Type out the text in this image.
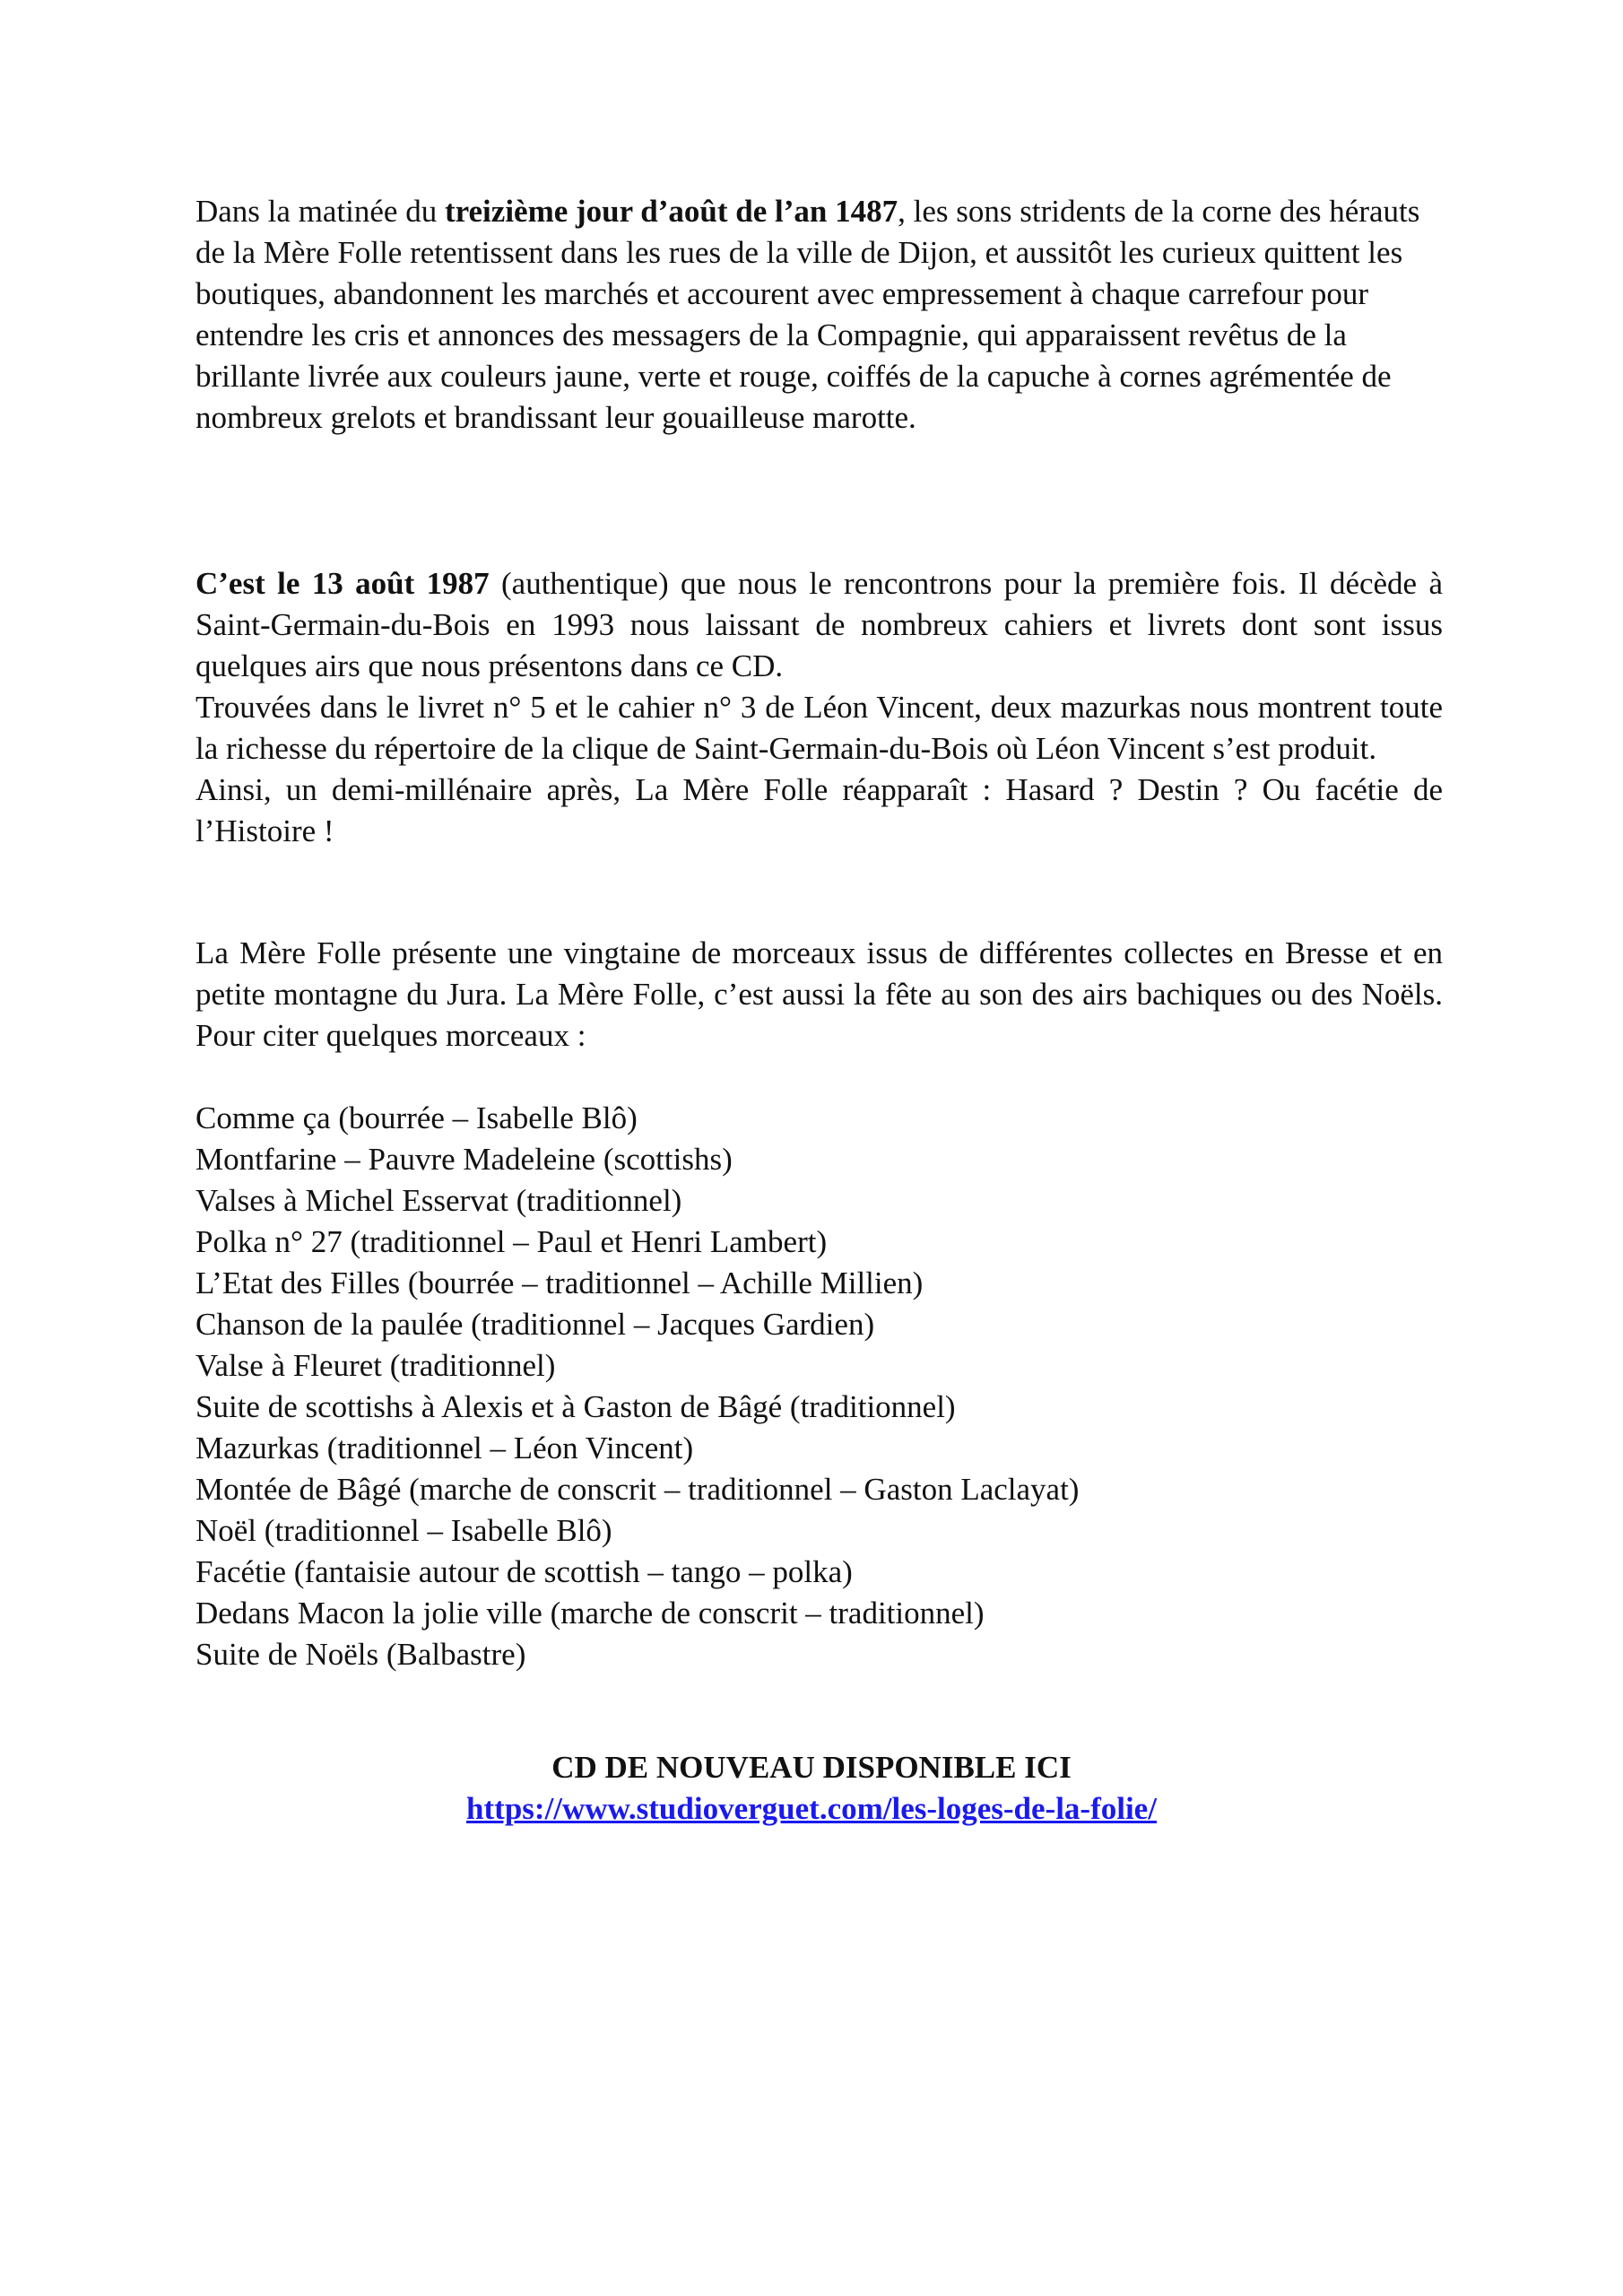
Dans la matinée du treizième jour d’août de l’an 1487, les sons stridents de la corne des hérauts de la Mère Folle retentissent dans les rues de la ville de Dijon, et aussitôt les curieux quittent les boutiques, abandonnent les marchés et accourent avec empressement à chaque carrefour pour entendre les cris et annonces des messagers de la Compagnie, qui apparaissent revêtus de la brillante livrée aux couleurs jaune, verte et rouge, coiffés de la capuche à cornes agrémentée de nombreux grelots et brandissant leur gouailleuse marotte.

C’est le 13 août 1987 (authentique) que nous le rencontrons pour la première fois. Il décède à Saint-Germain-du-Bois en 1993 nous laissant de nombreux cahiers et livrets dont sont issus quelques airs que nous présentons dans ce CD.
Trouvées dans le livret n° 5 et le cahier n° 3 de Léon Vincent, deux mazurkas nous montrent toute la richesse du répertoire de la clique de Saint-Germain-du-Bois où Léon Vincent s’est produit.
Ainsi, un demi-millénaire après, La Mère Folle réapparaît : Hasard ? Destin ? Ou facétie de l’Histoire !

La Mère Folle présente une vingtaine de morceaux issus de différentes collectes en Bresse et en petite montagne du Jura. La Mère Folle, c’est aussi la fête au son des airs bachiques ou des Noëls. Pour citer quelques morceaux :

Comme ça (bourrée – Isabelle Blô)
Montfarine – Pauvre Madeleine (scottishs)
Valses à Michel Esservat (traditionnel)
Polka n° 27 (traditionnel – Paul et Henri Lambert)
L’Etat des Filles (bourrée – traditionnel – Achille Millien)
Chanson de la paulée (traditionnel – Jacques Gardien)
Valse à Fleuret (traditionnel)
Suite de scottishs à Alexis et à Gaston de Bâgé (traditionnel)
Mazurkas (traditionnel – Léon Vincent)
Montée de Bâgé (marche de conscrit – traditionnel – Gaston Laclayat)
Noël (traditionnel – Isabelle Blô)
Facétie (fantaisie autour de scottish – tango – polka)
Dedans Macon la jolie ville (marche de conscrit – traditionnel)
Suite de Noëls (Balbastre)
CD DE NOUVEAU DISPONIBLE ICI
https://www.studioverguet.com/les-loges-de-la-folie/
